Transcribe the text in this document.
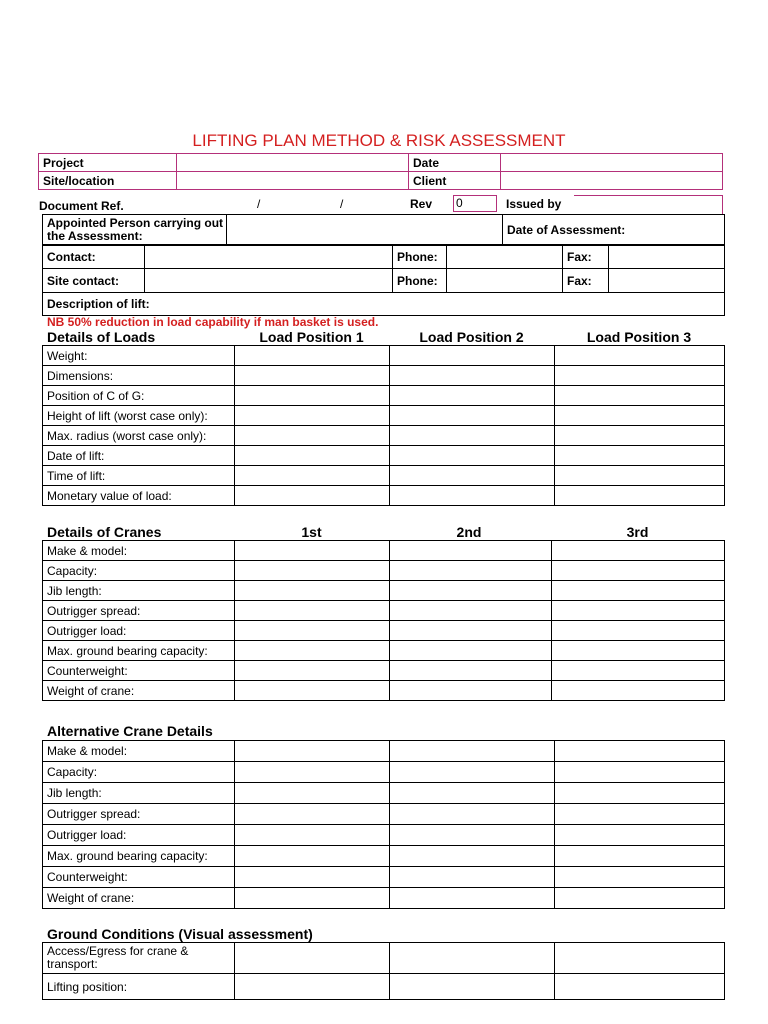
LIFTING PLAN METHOD & RISK ASSESSMENT
Project		Date	
Site/location		Client	
Document Ref.	/	/	Rev 0	Issued by
Appointed Person carrying out the Assessment:		Date of Assessment:
Contact:		Phone:		Fax:	
Site contact:		Phone:		Fax:	
Description of lift:					
NB 50% reduction in load capability if man basket is used.
Details of Loads	Load Position 1	Load Position 2	Load Position 3
Weight:			
Dimensions:			
Position of C of G:			
Height of lift (worst case only):			
Max. radius (worst case only):			
Date of lift:			
Time of lift:			
Monetary value of load:			
Details of Cranes	1st	2nd	3rd
Make & model:			
Capacity:			
Jib length:			
Outrigger spread:			
Outrigger load:			
Max. ground bearing capacity:			
Counterweight:			
Weight of crane:			
Alternative Crane Details
Make & model:			
Capacity:			
Jib length:			
Outrigger spread:			
Outrigger load:			
Max. ground bearing capacity:			
Counterweight:			
Weight of crane:			
Ground Conditions (Visual assessment)
Access/Egress for crane & transport:			
Lifting position:			
